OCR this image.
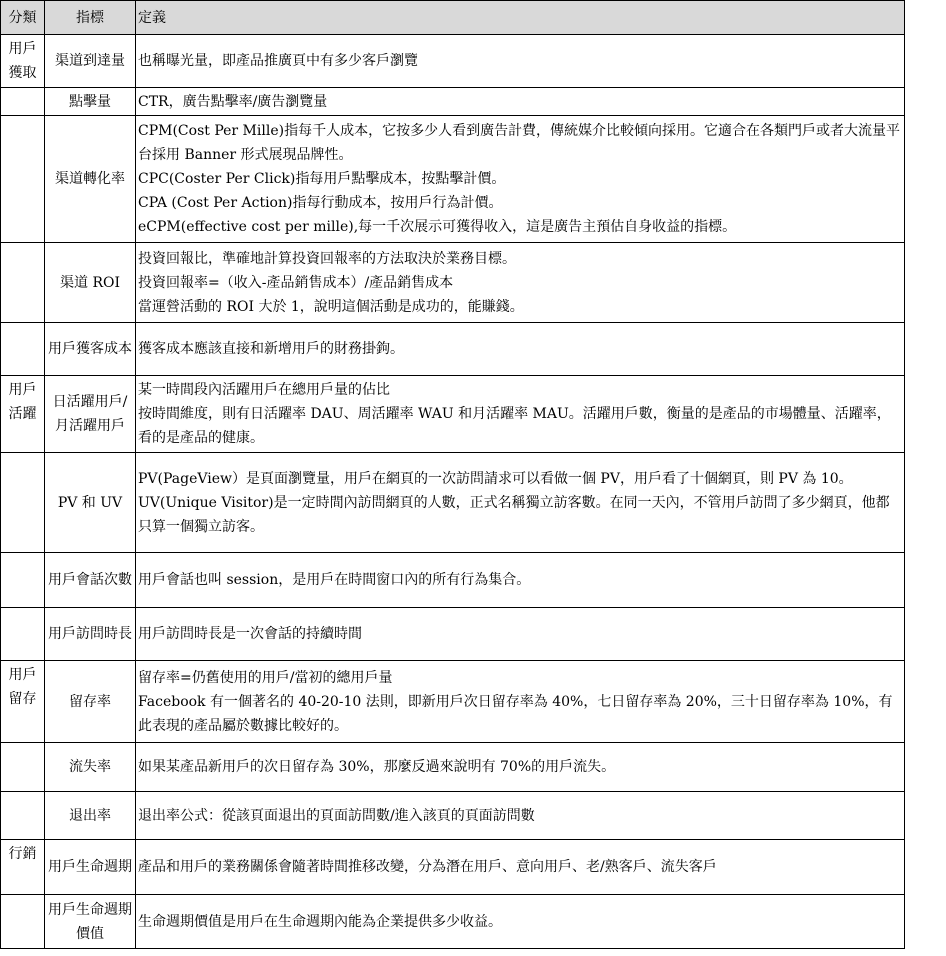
分類	指標	定義
用戶獲取	渠道到達量	也稱曝光量，即產品推廣頁中有多少客戶瀏覽

	點擊量	CTR，廣告點擊率/廣告瀏覽量

	渠道轉化率	CPM(Cost Per Mille)指每千人成本，它按多少人看到廣告計費，傳統媒介比較傾向採用。它適合在各類門戶或者大流量平台採用 Banner 形式展現品牌性。
CPC(Coster Per Click)指每用戶點擊成本，按點擊計價。
CPA (Cost Per Action)指每行動成本，按用戶行為計價。
eCPM(effective cost per mille),每一千次展示可獲得收入，這是廣告主預估自身收益的指標。

	渠道 ROI	投資回報比，準確地計算投資回報率的方法取決於業務目標。
投資回報率=（收入-產品銷售成本）/產品銷售成本
當運營活動的 ROI 大於 1，說明這個活動是成功的，能賺錢。

	用戶獲客成本	獲客成本應該直接和新增用戶的財務掛鉤。

用戶活躍	日活躍用戶/月活躍用戶	某一時間段內活躍用戶在總用戶量的佔比
按時間維度，則有日活躍率 DAU、周活躍率 WAU 和月活躍率 MAU。活躍用戶數，衡量的是產品的市場體量、活躍率，看的是產品的健康。

	PV 和 UV	PV(PageView）是頁面瀏覽量，用戶在網頁的一次訪問請求可以看做一個 PV，用戶看了十個網頁，則 PV 為 10。
UV(Unique Visitor)是一定時間內訪問網頁的人數，正式名稱獨立訪客數。在同一天內，不管用戶訪問了多少網頁，他都只算一個獨立訪客。

	用戶會話次數	用戶會話也叫 session，是用戶在時間窗口內的所有行為集合。

	用戶訪問時長	用戶訪問時長是一次會話的持續時間

用戶留存	留存率	留存率=仍舊使用的用戶/當初的總用戶量
Facebook 有一個著名的 40-20-10 法則，即新用戶次日留存率為 40%，七日留存率為 20%，三十日留存率為 10%，有此表現的產品屬於數據比較好的。

	流失率	如果某產品新用戶的次日留存為 30%，那麼反過來說明有 70%的用戶流失。

	退出率	退出率公式：從該頁面退出的頁面訪問數/進入該頁的頁面訪問數

行銷	用戶生命週期	產品和用戶的業務關係會隨著時間推移改變，分為潛在用戶、意向用戶、老/熟客戶、流失客戶

	用戶生命週期價值	生命週期價值是用戶在生命週期內能為企業提供多少收益。
